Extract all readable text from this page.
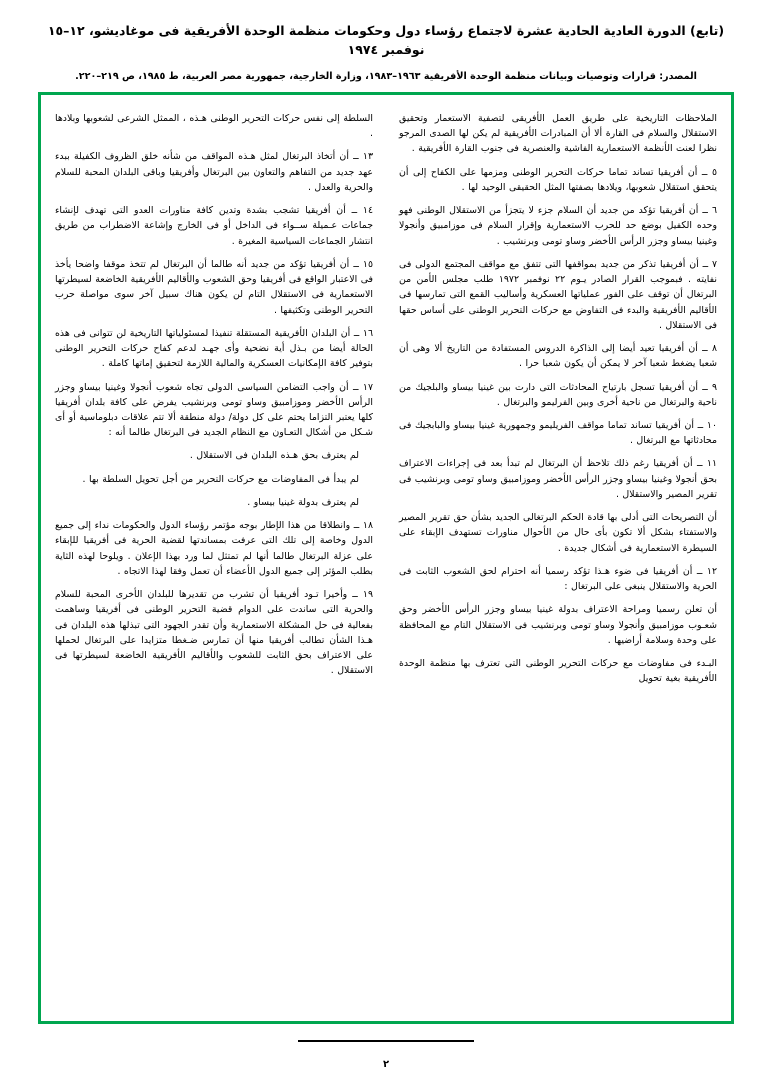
(تابع) الدورة العادية الحادية عشرة لاجتماع رؤساء دول وحكومات منظمة الوحدة الأفريقية فى موغاديشو، ١٢–١٥ نوفمبر ١٩٧٤
المصدر: قرارات وتوصيات وبيانات منظمة الوحدة الأفريقية ١٩٦٣–١٩٨٣، وزارة الخارجية، جمهورية مصر العربية، ط ١٩٨٥، ص ٢١٩–٢٢٠.

الملاحظات التاريخية على طريق العمل الأفريقى لتصفية الاستعمار وتحقيق الاستقلال والسلام فى القارة ألا أن المبادرات الأفريقية لم يكن لها الصدى المرجو نظرا لعنت الأنظمة الاستعمارية الفاشية والعنصرية فى جنوب القارة الأفريقية .

٥ ــ أن أفريقيا تساند تماما حركات التحرير الوطنى ومزمها على الكفاح إلى أن يتحقق استقلال شعوبها، ويلادها بصفتها المثل الحقيقى الوحيد لها .

٦ ــ أن أفريقيا تؤكد من جديد أن السلام جزء لا يتجزأ من الاستقلال الوطنى فهو وحده الكفيل بوضع حد للحرب الاستعمارية وإقرار السلام فى موزامبيق وأنجولا وغينيا بيساو وجزر الرأس الأخضر وساو تومى وبرنشيب .

٧ ــ أن أفريقيا تذكر من جديد بمواقفها التى تتفق مع مواقف المجتمع الدولى فى نفايته . فبموجب القرار الصادر يـوم ٢٢ نوفمبر ١٩٧٢ طلب مجلس الأمن من البرتغال أن توقف على الفور عملياتها العسكرية وأساليب القمع التى تمارسها فى الأقاليم الأفريقية والبدء فى التفاوض مع حركات التحرير الوطنى على أساس حقها فى الاستقلال .

٨ ــ أن أفريقيا تعيد أيضا إلى الذاكرة الدروس المستفادة من التاريخ ألا وهى أن شعبا يضغط شعبا آخر لا يمكن أن يكون شعبا حرا .

٩ ــ أن أفريقيا تسجل بارتياح المحادثات التى دارت بين غينيا بيساو والبلجيك من ناحية والبرتغال من ناحية أخرى وبين الفرليمو والبرتغال .

١٠ ــ أن أفريقيا تساند تماما مواقف الفريليمو وجمهورية غينيا بيساو والبابجيك فى محادثاتها مع البرتغال .

١١ ــ أن أفريقيا رغم ذلك تلاحظ أن البرتغال لم تبدأ بعد فى إجراءات الاعتراف بحق أنجولا وغينيا بيساو وجزر الرأس الأخضر وموزامبيق وساو تومى وبرنشيب فى تقرير المصير والاستقلال .

أن التصريحات التى أدلى بها قادة الحكم البرتغالى الجديد بشأن حق تقرير المصير والاستفتاء بشكل ألا تكون بأى حال من الأحوال مناورات تستهدف الإبقاء على السيطرة الاستعمارية فى أشكال جديدة .

١٢ ــ أن أفريقيا فى ضوء هـذا تؤكد رسميا أنه احترام لحق الشعوب الثابت فى الحرية والاستقلال ينبغى على البرتغال :

أن تعلن رسميا ومراحة الاعتراف بدولة غينيا بيساو وجزر الرأس الأخضر وحق شعـوب موزامبيق وأنجولا وساو تومى وبرنشيب فى الاستقلال التام مع المحافظة على وحدة وسلامة أراضيها .

البـدء فى مفاوضات مع حركات التحرير الوطنى التى تعترف بها منظمة الوحدة الأفريقية بغية تحويل

السلطة إلى نفس حركات التحرير الوطنى هـذه ، الممثل الشرعى لشعوبها وبلادها .

١٣ ــ أن أتخاذ البرتغال لمثل هـذه المواقف من شأنه خلق الظروف الكفيلة ببدء عهد جديد من التفاهم والتعاون بين البرتغال وأفريقيا وباقى البلدان المحبة للسلام والحرية والعدل .

١٤ ــ أن أفريقيا تشجب بشدة وتدين كافة مناورات العدو التى تهدف لإنشاء جماعات عـميلة ســواء فى الداخل أو فى الخارج وإشاعة الاضطراب من طريق انتشار الجماعات السياسية المغيرة .

١٥ ــ أن أفريقيا تؤكد من جديد أنه طالما أن البرتغال لم تتخذ موقفا واضحا يأخذ فى الاعتبار الواقع فى أفريقيا وحق الشعوب والأقاليم الأفريقية الخاضعة لسيطرتها الاستعمارية فى الاستقلال التام لن يكون هناك سبيل آخر سوى مواصلة حرب التحرير الوطنى وتكثيفها .

١٦ ــ أن البلدان الأفريقية المستقلة تنفيذا لمسئولياتها التاريخية لن تتوانى فى هذه الحالة أيضا من بـذل أية نضحية وأى جهـد لدعم كفاح حركات التحرير الوطنى بتوفير كافة الإمكانيات العسكرية والمالية اللازمة لتحقيق إماتها كاملة .

١٧ ــ أن واجب التضامن السياسى الدولى تجاه شعوب أنجولا وغينيا بيساو وجزر الرأس الأخضر وموزامبيق وساو تومى وبرنشيب يفرض على كافة بلدان أفريقيا كلها يعتبر التزاما يحتم على كل دولة/ دولة منطقة ألا تتم علاقات دبلوماسية أو أى شـكل من أشكال التعـاون مع النظام الجديد فى البرتغال طالما أنه :

لم يعترف بحق هـذه البلدان فى الاستقلال .

لم يبدأ فى المفاوضات مع حركات التحرير من أجل تحويل السلطة بها .

لم يعترف بدولة غينيا بيساو .

١٨ ــ وانطلاقا من هذا الإطار بوجه مؤتمر رؤساء الدول والحكومات نداء إلى جميع الدول وخاصة إلى تلك التى عرفت بمساندتها لقضية الحرية فى أفريقيا للإبقاء على عزلة البرتغال طالما أنها لم تمتثل لما ورد بهذا الإعلان . ويلوحا لهذه الثاية بطلب المؤثر إلى جميع الدول الأعضاء أن تعمل وفقا لهذا الاتجاه .

١٩ ــ وأخيرا تـود أفريقيا أن تشرب من تقديرها للبلدان الأخرى المحبة للسلام والحرية التى ساندت على الدوام قضية التحرير الوطنى فى أفريقيا وساهمت بفعالية فى حل المشكلة الاستعمارية وأن تقدر الجهود التى تبذلها هذه البلدان فى هـذا الشأن تطالب أفريقيا منها أن تمارس ضـغطا متزايدا على البرتغال لحملها على الاعتراف بحق الثابت للشعوب والأقاليم الأفريقية الخاضعة لسيطرتها فى الاستقلال .

٢
